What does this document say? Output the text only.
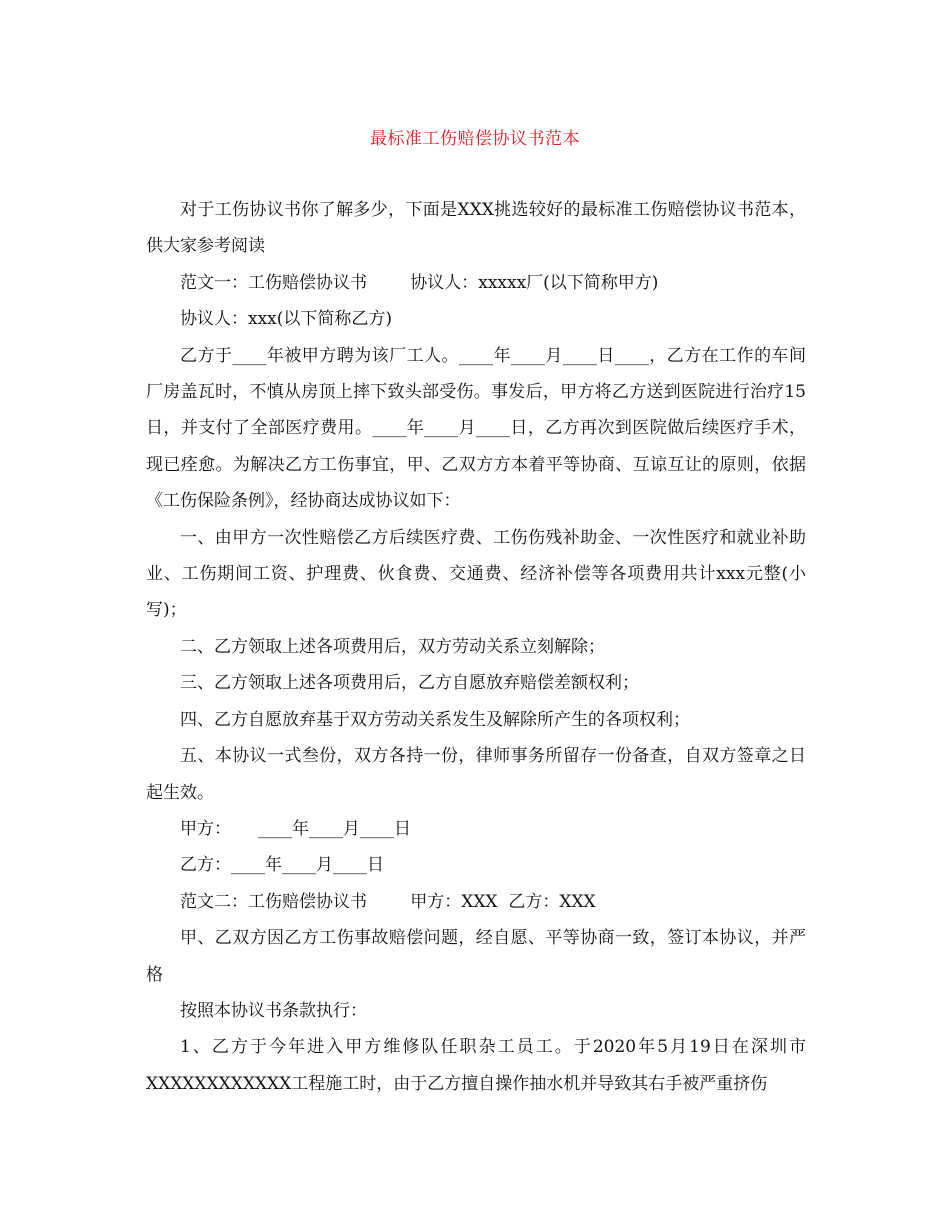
最标准工伤赔偿协议书范本

对于工伤协议书你了解多少，下面是XXX挑选较好的最标准工伤赔偿协议书范本，供大家参考阅读

范文一：工伤赔偿协议书        协议人：xxxxx厂(以下简称甲方)

协议人：xxx(以下简称乙方)

乙方于____年被甲方聘为该厂工人。____年____月____日____，乙方在工作的车间厂房盖瓦时，不慎从房顶上摔下致头部受伤。事发后，甲方将乙方送到医院进行治疗15日，并支付了全部医疗费用。____年____月____日，乙方再次到医院做后续医疗手术，现已痊愈。为解决乙方工伤事宜，甲、乙双方方本着平等协商、互谅互让的原则，依据《工伤保险条例》，经协商达成协议如下：

一、由甲方一次性赔偿乙方后续医疗费、工伤伤残补助金、一次性医疗和就业补助业、工伤期间工资、护理费、伙食费、交通费、经济补偿等各项费用共计xxx元整(小写)；

二、乙方领取上述各项费用后，双方劳动关系立刻解除；

三、乙方领取上述各项费用后，乙方自愿放弃赔偿差额权利；

四、乙方自愿放弃基于双方劳动关系发生及解除所产生的各项权利；

五、本协议一式叁份，双方各持一份，律师事务所留存一份备查，自双方签章之日起生效。

甲方：     ____年____月____日

乙方：____年____月____日

范文二：工伤赔偿协议书        甲方：XXX  乙方：XXX

甲、乙双方因乙方工伤事故赔偿问题，经自愿、平等协商一致，签订本协议，并严格

按照本协议书条款执行：

1、乙方于今年进入甲方维修队任职杂工员工。于2020年5月19日在深圳市XXXXXXXXXXXX工程施工时，由于乙方擅自操作抽水机并导致其右手被严重挤伤
